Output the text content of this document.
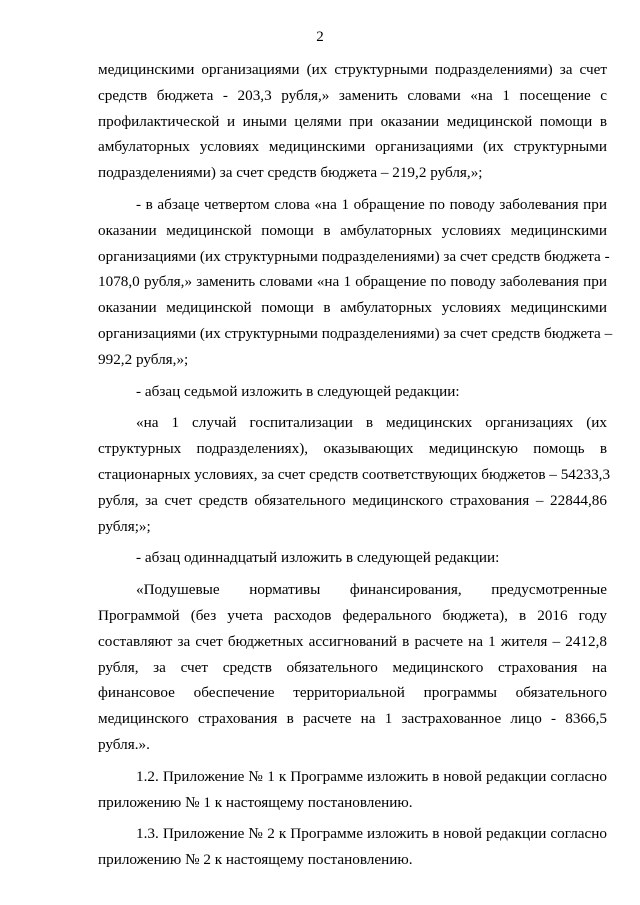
2

медицинскими организациями (их структурными подразделениями) за счет
средств бюджета - 203,3 рубля,» заменить словами «на 1 посещение с
профилактической и иными целями при оказании медицинской помощи в
амбулаторных условиях медицинскими организациями (их структурными
подразделениями) за счет средств бюджета – 219,2 рубля,»;

- в абзаце четвертом слова «на 1 обращение по поводу заболевания при
оказании медицинской помощи в амбулаторных условиях медицинскими
организациями (их структурными подразделениями) за счет средств бюджета -
1078,0 рубля,» заменить словами «на 1 обращение по поводу заболевания при
оказании медицинской помощи в амбулаторных условиях медицинскими
организациями (их структурными подразделениями) за счет средств бюджета –
992,2 рубля,»;

- абзац седьмой изложить в следующей редакции:

«на 1 случай госпитализации в медицинских организациях (их
структурных подразделениях), оказывающих медицинскую помощь в
стационарных условиях, за счет средств соответствующих бюджетов – 54233,3
рубля, за счет средств обязательного медицинского страхования – 22844,86
рубля;»;

- абзац одиннадцатый изложить в следующей редакции:

«Подушевые нормативы финансирования, предусмотренные
Программой (без учета расходов федерального бюджета), в 2016 году
составляют за счет бюджетных ассигнований в расчете на 1 жителя – 2412,8
рубля, за счет средств обязательного медицинского страхования на
финансовое обеспечение территориальной программы обязательного
медицинского страхования в расчете на 1 застрахованное лицо - 8366,5
рубля.».

1.2. Приложение № 1 к Программе изложить в новой редакции согласно
приложению № 1 к настоящему постановлению.

1.3. Приложение № 2 к Программе изложить в новой редакции согласно
приложению № 2 к настоящему постановлению.
